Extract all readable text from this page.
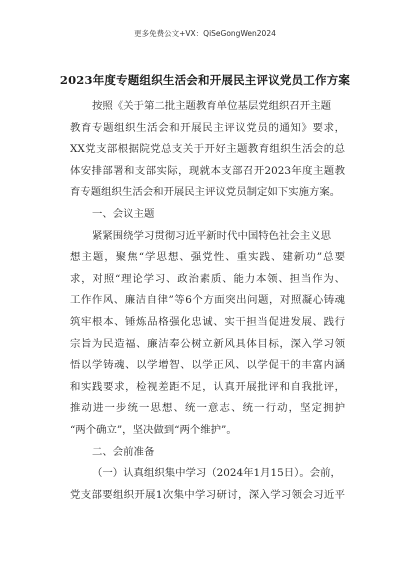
更多免费公文+VX：QiSeGongWen2024
2023年度专题组织生活会和开展民主评议党员工作方案
按照《关于第二批主题教育单位基层党组织召开主题
教育专题组织生活会和开展民主评议党员的通知》要求，
XX党支部根据院党总支关于开好主题教育组织生活会的总
体安排部署和支部实际，现就本支部召开2023年度主题教
育专题组织生活会和开展民主评议党员制定如下实施方案。
一、会议主题
紧紧围绕学习贯彻习近平新时代中国特色社会主义思
想主题，聚焦“学思想、强党性、重实践、建新功”总要
求，对照“理论学习、政治素质、能力本领、担当作为、
工作作风、廉洁自律”等6个方面突出问题，对照凝心铸魂
筑牢根本、锤炼品格强化忠诚、实干担当促进发展、践行
宗旨为民造福、廉洁奉公树立新风具体目标，深入学习领
悟以学铸魂、以学增智、以学正风、以学促干的丰富内涵
和实践要求，检视差距不足，认真开展批评和自我批评，
推动进一步统一思想、统一意志、统一行动，坚定拥护
“两个确立”，坚决做到“两个维护”。
二、会前准备
（一）认真组织集中学习（2024年1月15日）。会前，
党支部要组织开展1次集中学习研讨，深入学习领会习近平
